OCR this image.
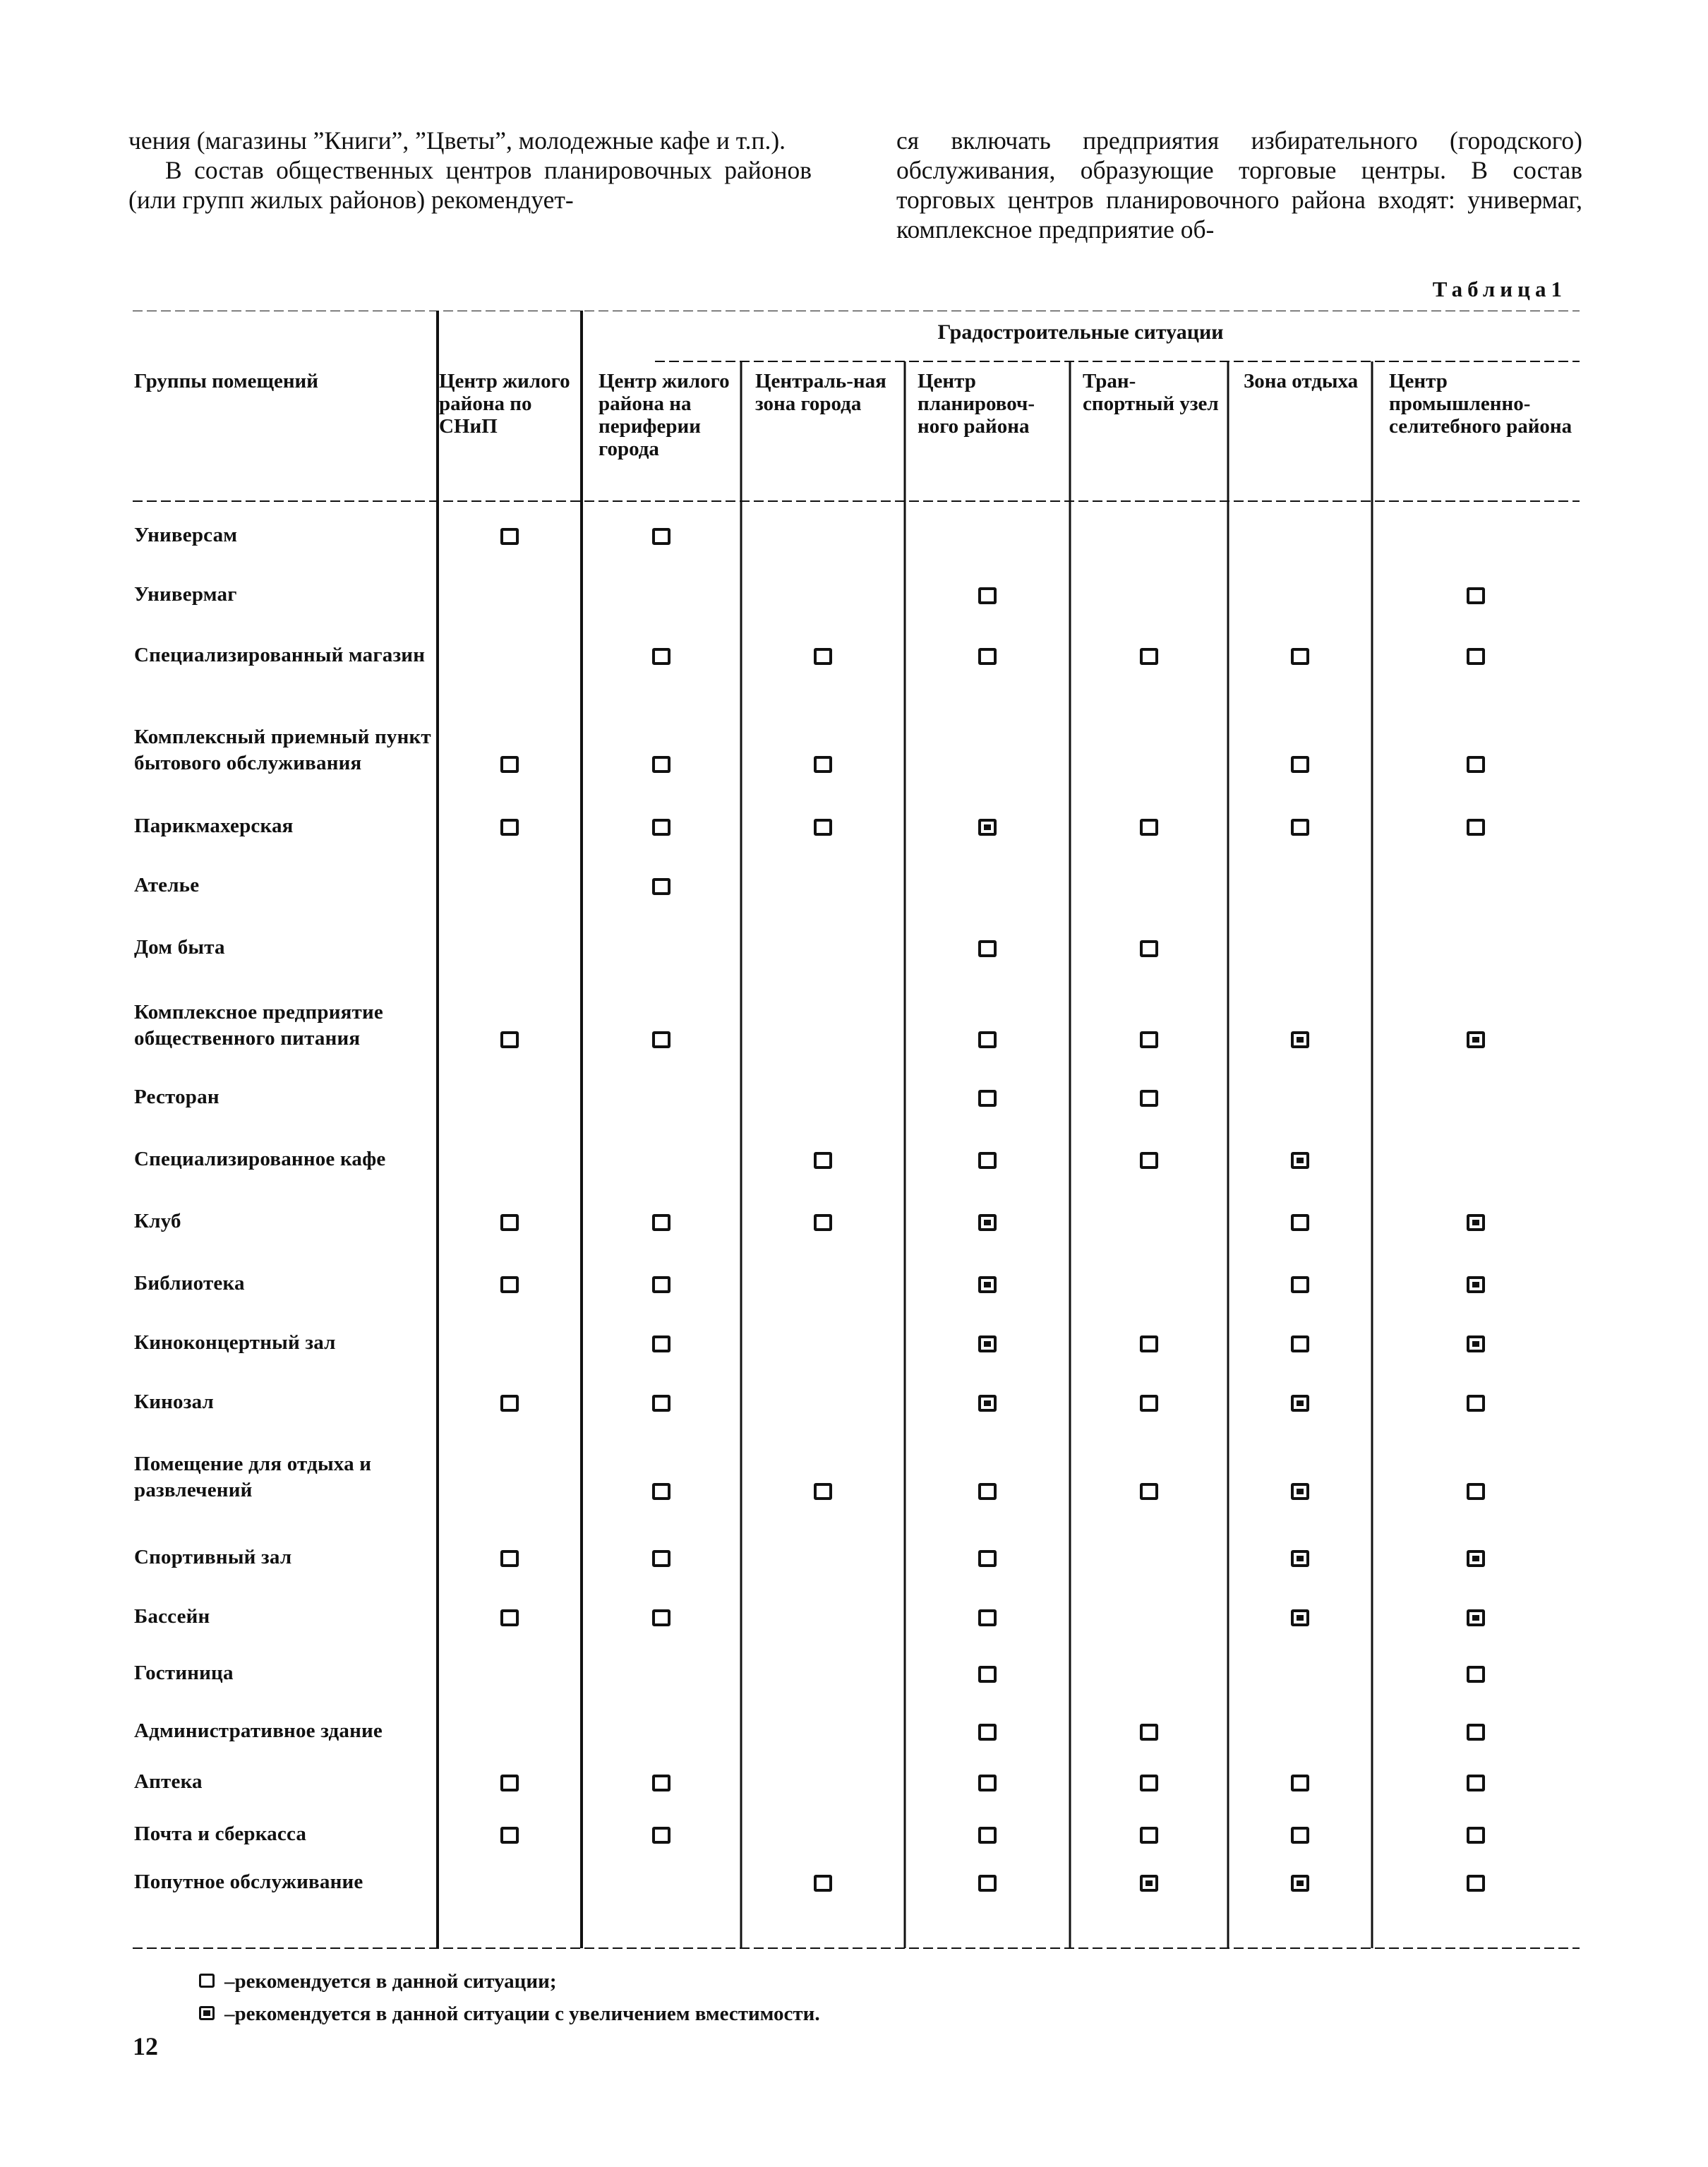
чения (магазины ”Книги”, ”Цветы”, молодежные кафе и т.п.).

В состав общественных центров планировочных районов (или групп жилых районов) рекомендует-

ся включать предприятия избирательного (городского) обслуживания, образующие торговые центры. В состав торговых центров планировочного района входят: универмаг, комплексное предприятие об-

Таблица1
Градостроительные ситуации
Группы помещений	Центр жилого района по СНиП
Центр жилого района на периферии города
Централь-ная зона города
Центр планировоч-ного района
Тран-спортный узел
Зона отдыха	Центр промышленно-селитебного района
Универсам
Универмаг
Специализированный магазин
Комплексный приемный пункт бытового обслуживания
Парикмахерская
Ателье
Дом быта
Комплексное предприятие общественного питания
Ресторан
Специализированное кафе
Клуб
Библиотека
Киноконцертный зал
Кинозал
Помещение для отдыха и развлечений
Спортивный зал
Бассейн
Гостиница
Административное здание
Аптека
Почта и сберкасса
Попутное обслуживание
–рекомендуется в данной ситуации;
–рекомендуется в данной ситуации с увеличением вместимости.
12
